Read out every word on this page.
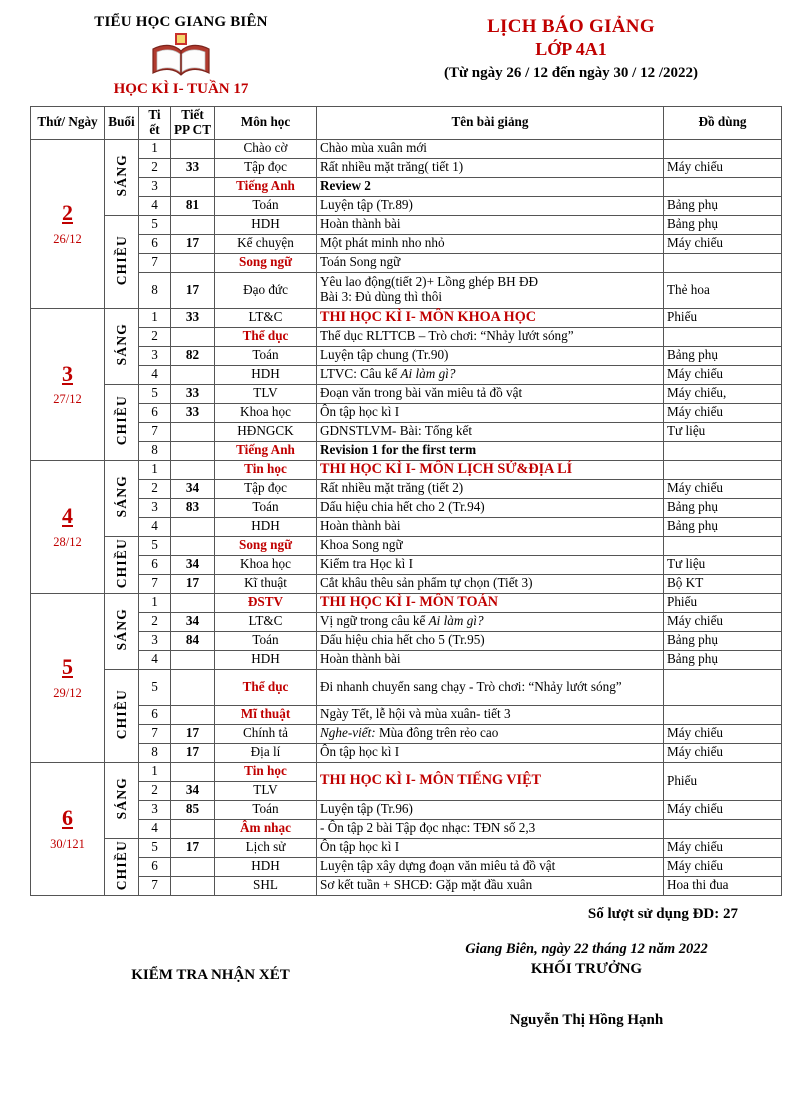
TIỂU HỌC GIANG BIÊN
HỌC KÌ I- TUẦN 17
LỊCH BÁO GIẢNG
LỚP 4A1
(Từ ngày 26 / 12 đến ngày 30 / 12 /2022)
Thứ/ Ngày	Buổi	Ti ết	Tiết PP CT	Môn học	Tên bài giảng	Đồ dùng

2
26/12	SÁNG	1		Chào cờ	Chào mùa xuân mới	
		2	33	Tập đọc	Rất nhiều mặt trăng( tiết 1)	Máy chiếu
		3		Tiếng Anh	Review 2	
		4	81	Toán	Luyện tập (Tr.89)	Bảng phụ
	CHIỀU	5		HDH	Hoàn thành bài	Bảng phụ
		6	17	Kể chuyện	Một phát minh nho nhỏ	Máy chiếu
		7		Song ngữ	Toán Song ngữ	
		8	17	Đạo đức	Yêu lao động(tiết 2)+ Lồng ghép BH ĐĐ
Bài 3: Đủ dùng thì thôi	Thẻ hoa

3
27/12	SÁNG	1	33	LT&C	THI HỌC KÌ I- MÔN KHOA HỌC	Phiếu
		2		Thể dục	Thể dục RLTTCB – Trò chơi: “Nhảy lướt sóng”	
		3	82	Toán	Luyện tập chung (Tr.90)	Bảng phụ
		4		HDH	LTVC: Câu kể Ai làm gì?	Máy chiếu
	CHIỀU	5	33	TLV	Đoạn văn trong bài văn miêu tả đồ vật	Máy chiếu,
		6	33	Khoa học	Ôn tập học kì I	Máy chiếu
		7		HĐNGCK	GDNSTLVM- Bài: Tổng kết	Tư liệu
		8		Tiếng Anh	Revision 1 for the first term	

4
28/12	SÁNG	1		Tin học	THI HỌC KÌ I- MÔN LỊCH SỬ&ĐỊA LÍ	
		2	34	Tập đọc	Rất nhiều mặt trăng (tiết 2)	Máy chiếu
		3	83	Toán	Dấu hiệu chia hết cho 2 (Tr.94)	Bảng phụ
		4		HDH	Hoàn thành bài	Bảng phụ
	CHIỀU	5		Song ngữ	Khoa Song ngữ	
		6	34	Khoa học	Kiểm tra Học kì I	Tư liệu
		7	17	Kĩ thuật	Cắt khâu thêu sản phẩm tự chọn (Tiết 3)	Bộ KT

5
29/12	SÁNG	1		ĐSTV	THI HỌC KÌ I- MÔN TOÁN	Phiếu
		2	34	LT&C	Vị ngữ trong câu kể Ai làm gì?	Máy chiếu
		3	84	Toán	Dấu hiệu chia hết cho 5 (Tr.95)	Bảng phụ
		4		HDH	Hoàn thành bài	Bảng phụ
	CHIỀU	5		Thể dục	Đi nhanh chuyển sang chạy - Trò chơi: “Nhảy lướt sóng”	
		6		Mĩ thuật	Ngày Tết, lễ hội và mùa xuân- tiết 3	
		7	17	Chính tả	Nghe-viết: Mùa đông trên rẻo cao	Máy chiếu
		8	17	Địa lí	Ôn tập học kì I	Máy chiếu

6
30/121	SÁNG	1		Tin học	THI HỌC KÌ I- MÔN TIẾNG VIỆT	Phiếu
		2	34	TLV		
		3	85	Toán	Luyện tập (Tr.96)	Máy chiếu
		4		Âm nhạc	- Ôn tập 2 bài Tập đọc nhạc: TĐN số 2,3	
	CHIỀU	5	17	Lịch sử	Ôn tập học kì I	Máy chiếu
		6		HDH	Luyện tập xây dựng đoạn văn miêu tả đồ vật	Máy chiếu
		7		SHL	Sơ kết tuần + SHCĐ: Gặp mặt đầu xuân	Hoa thi đua
Số lượt sử dụng ĐD: 27
KIỂM TRA NHẬN XÉT
Giang Biên, ngày 22 tháng 12 năm 2022
KHỐI TRƯỞNG
Nguyễn Thị Hồng Hạnh
